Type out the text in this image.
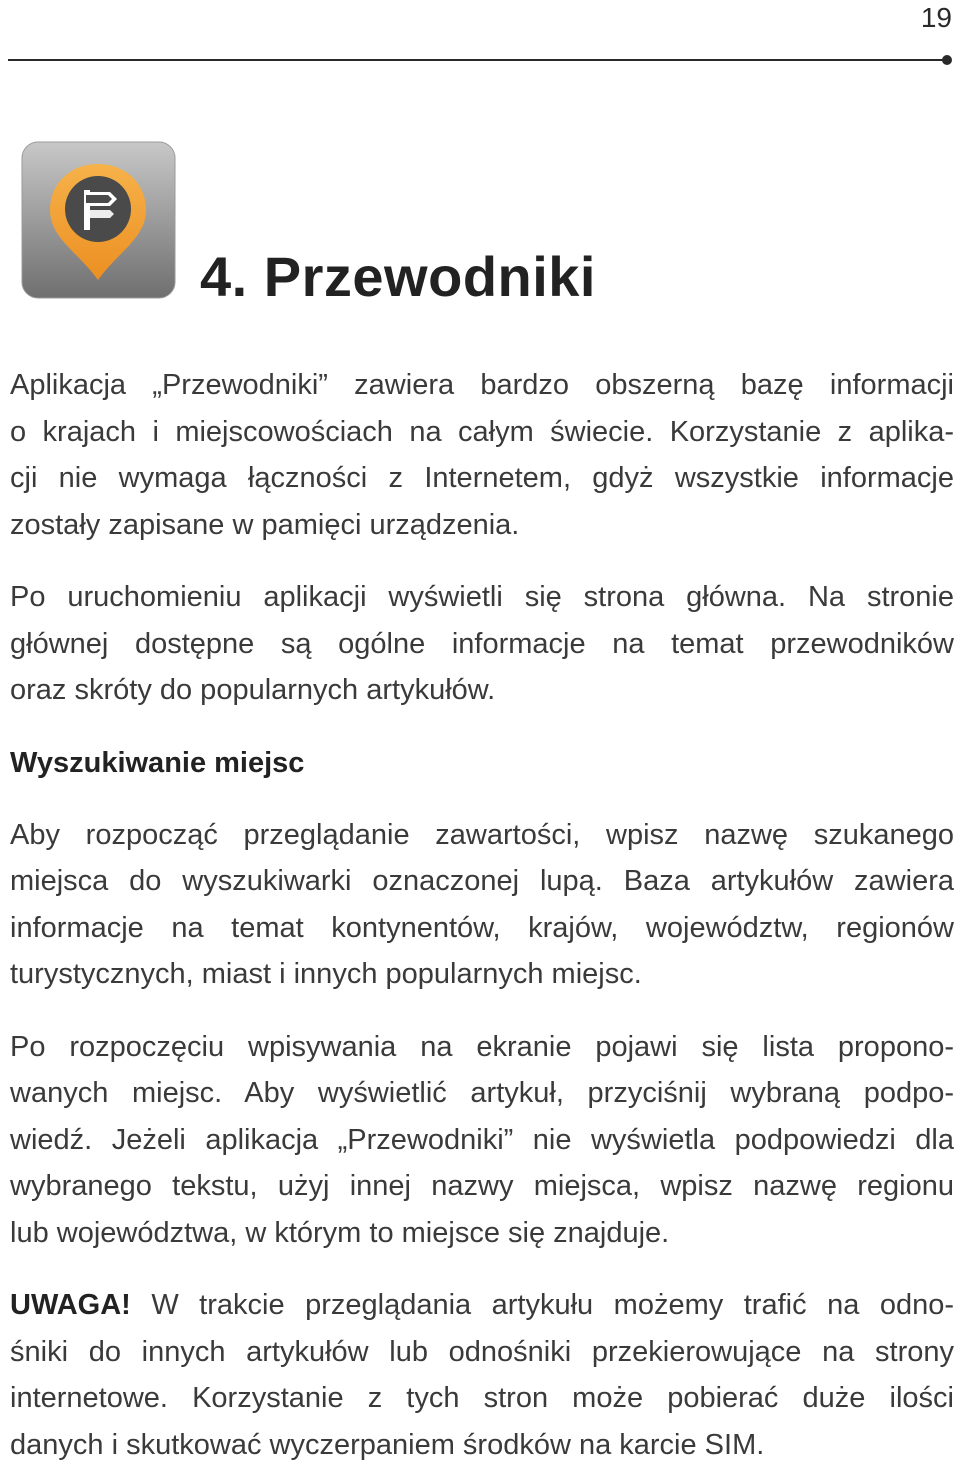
19
4. Przewodniki

Aplikacja „Przewodniki” zawiera bardzo obszerną bazę informacji
o krajach i miejscowościach na całym świecie. Korzystanie z aplika-
cji nie wymaga łączności z Internetem, gdyż wszystkie informacje
zostały zapisane w pamięci urządzenia.

Po uruchomieniu aplikacji wyświetli się strona główna. Na stronie
głównej dostępne są ogólne informacje na temat przewodników
oraz skróty do popularnych artykułów.

Wyszukiwanie miejsc

Aby rozpocząć przeglądanie zawartości, wpisz nazwę szukanego
miejsca do wyszukiwarki oznaczonej lupą. Baza artykułów zawiera
informacje na temat kontynentów, krajów, województw, regionów
turystycznych, miast i innych popularnych miejsc.

Po rozpoczęciu wpisywania na ekranie pojawi się lista propono-
wanych miejsc. Aby wyświetlić artykuł, przyciśnij wybraną podpo-
wiedź. Jeżeli aplikacja „Przewodniki” nie wyświetla podpowiedzi dla
wybranego tekstu, użyj innej nazwy miejsca, wpisz nazwę regionu
lub województwa, w którym to miejsce się znajduje.

UWAGA! W trakcie przeglądania artykułu możemy trafić na odno-
śniki do innych artykułów lub odnośniki przekierowujące na strony
internetowe. Korzystanie z tych stron może pobierać duże ilości
danych i skutkować wyczerpaniem środków na karcie SIM.
